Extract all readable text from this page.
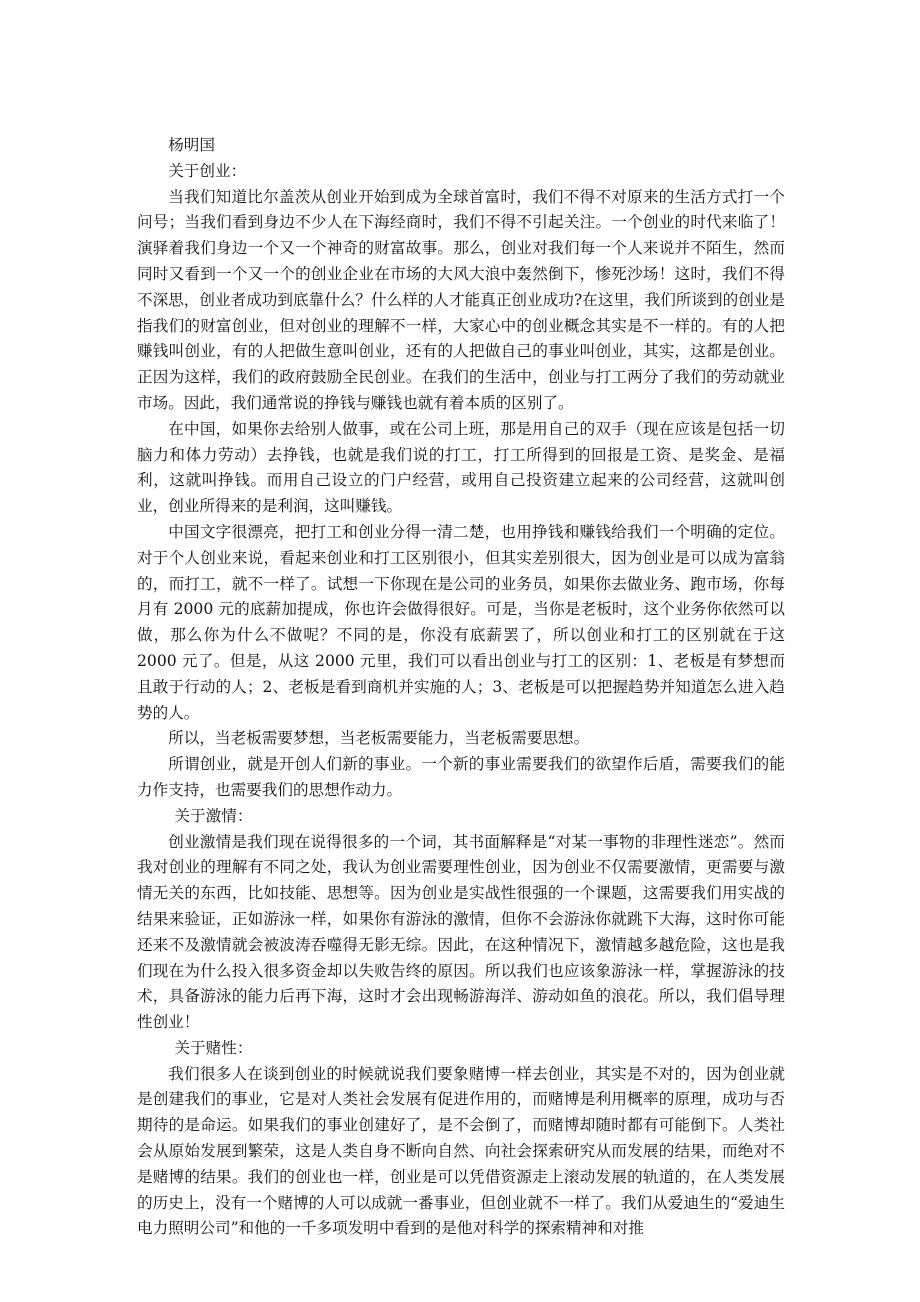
杨明国

关于创业：

当我们知道比尔盖茨从创业开始到成为全球首富时，我们不得不对原来的生活方式打一个问号；当我们看到身边不少人在下海经商时，我们不得不引起关注。一个创业的时代来临了！演驿着我们身边一个又一个神奇的财富故事。那么，创业对我们每一个人来说并不陌生，然而同时又看到一个又一个的创业企业在市场的大风大浪中轰然倒下，惨死沙场！这时，我们不得不深思，创业者成功到底靠什么？什么样的人才能真正创业成功?在这里，我们所谈到的创业是指我们的财富创业，但对创业的理解不一样，大家心中的创业概念其实是不一样的。有的人把赚钱叫创业，有的人把做生意叫创业，还有的人把做自己的事业叫创业，其实，这都是创业。正因为这样，我们的政府鼓励全民创业。在我们的生活中，创业与打工两分了我们的劳动就业市场。因此，我们通常说的挣钱与赚钱也就有着本质的区别了。

在中国，如果你去给别人做事，或在公司上班，那是用自己的双手（现在应该是包括一切脑力和体力劳动）去挣钱，也就是我们说的打工，打工所得到的回报是工资、是奖金、是福利，这就叫挣钱。而用自己设立的门户经营，或用自己投资建立起来的公司经营，这就叫创业，创业所得来的是利润，这叫赚钱。

中国文字很漂亮，把打工和创业分得一清二楚，也用挣钱和赚钱给我们一个明确的定位。对于个人创业来说，看起来创业和打工区别很小，但其实差别很大，因为创业是可以成为富翁的，而打工，就不一样了。试想一下你现在是公司的业务员，如果你去做业务、跑市场，你每月有 2000 元的底薪加提成，你也许会做得很好。可是，当你是老板时，这个业务你依然可以做，那么你为什么不做呢？不同的是，你没有底薪罢了，所以创业和打工的区别就在于这 2000 元了。但是，从这 2000 元里，我们可以看出创业与打工的区别：1、老板是有梦想而且敢于行动的人；2、老板是看到商机并实施的人；3、老板是可以把握趋势并知道怎么进入趋势的人。

所以，当老板需要梦想，当老板需要能力，当老板需要思想。

所谓创业，就是开创人们新的事业。一个新的事业需要我们的欲望作后盾，需要我们的能力作支持，也需要我们的思想作动力。

关于激情：

创业激情是我们现在说得很多的一个词，其书面解释是“对某一事物的非理性迷恋”。然而我对创业的理解有不同之处，我认为创业需要理性创业，因为创业不仅需要激情，更需要与激情无关的东西，比如技能、思想等。因为创业是实战性很强的一个课题，这需要我们用实战的结果来验证，正如游泳一样，如果你有游泳的激情，但你不会游泳你就跳下大海，这时你可能还来不及激情就会被波涛吞噬得无影无综。因此，在这种情况下，激情越多越危险，这也是我们现在为什么投入很多资金却以失败告终的原因。所以我们也应该象游泳一样，掌握游泳的技术，具备游泳的能力后再下海，这时才会出现畅游海洋、游动如鱼的浪花。所以，我们倡导理性创业！

关于赌性：

我们很多人在谈到创业的时候就说我们要象赌博一样去创业，其实是不对的，因为创业就是创建我们的事业，它是对人类社会发展有促进作用的，而赌博是利用概率的原理，成功与否期待的是命运。如果我们的事业创建好了，是不会倒了，而赌博却随时都有可能倒下。人类社会从原始发展到繁荣，这是人类自身不断向自然、向社会探索研究从而发展的结果，而绝对不是赌博的结果。我们的创业也一样，创业是可以凭借资源走上滚动发展的轨道的，在人类发展的历史上，没有一个赌博的人可以成就一番事业，但创业就不一样了。我们从爱迪生的“爱迪生电力照明公司”和他的一千多项发明中看到的是他对科学的探索精神和对推
